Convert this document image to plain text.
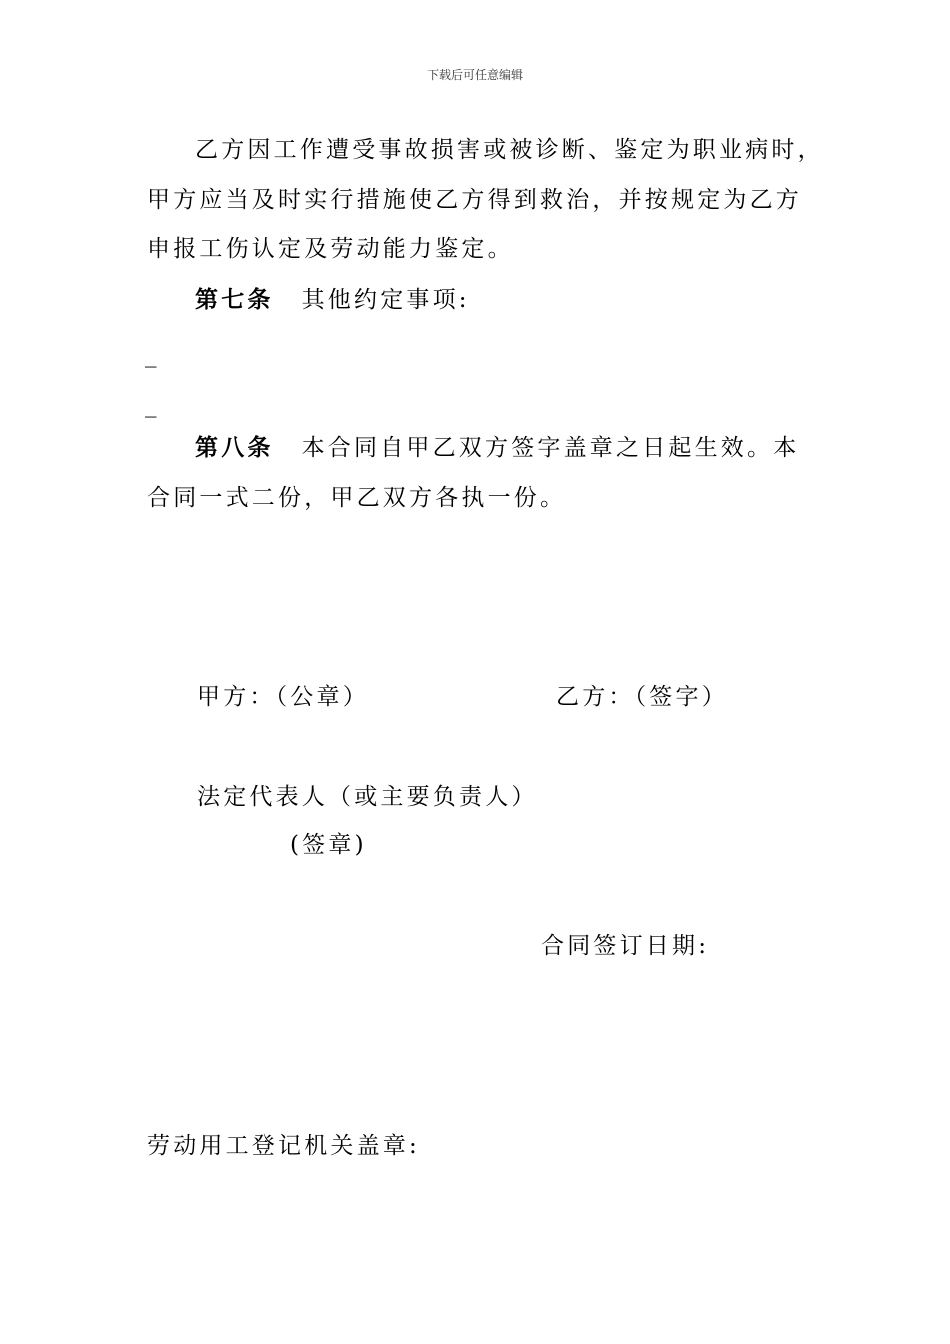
下载后可任意编辑
乙方因工作遭受事故损害或被诊断、鉴定为职业病时，
甲方应当及时实行措施使乙方得到救治，并按规定为乙方
申报工伤认定及劳动能力鉴定。
第七条 其他约定事项:
_
_
第八条 本合同自甲乙双方签字盖章之日起生效。本
合同一式二份，甲乙双方各执一份。
甲方：（公章）	乙方：（签字）
法定代表人（或主要负责人）
(签章)
合同签订日期:
劳动用工登记机关盖章:
